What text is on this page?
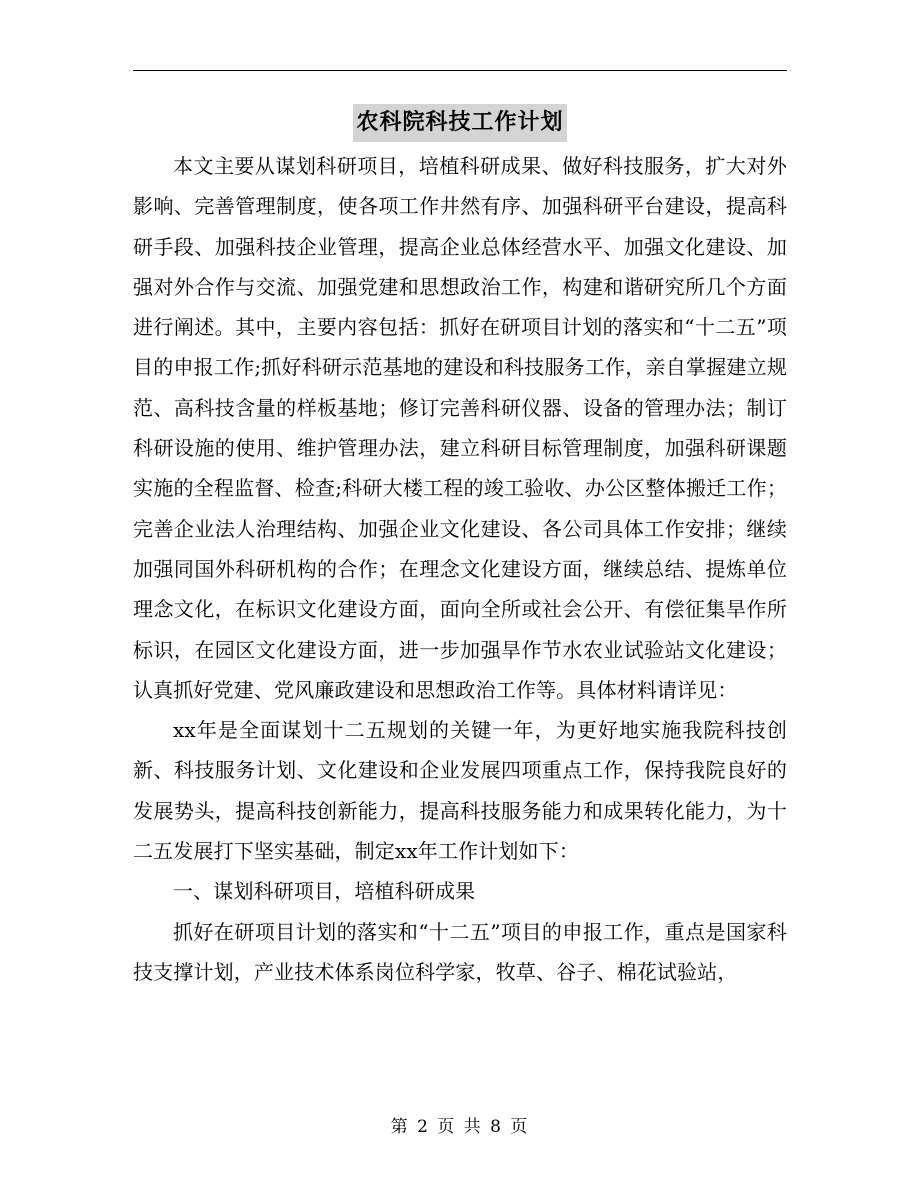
农科院科技工作计划

本文主要从谋划科研项目，培植科研成果、做好科技服务，扩大对外影响、完善管理制度，使各项工作井然有序、加强科研平台建设，提高科研手段、加强科技企业管理，提高企业总体经营水平、加强文化建设、加强对外合作与交流、加强党建和思想政治工作，构建和谐研究所几个方面进行阐述。其中，主要内容包括：抓好在研项目计划的落实和“十二五”项目的申报工作;抓好科研示范基地的建设和科技服务工作，亲自掌握建立规范、高科技含量的样板基地；修订完善科研仪器、设备的管理办法；制订科研设施的使用、维护管理办法，建立科研目标管理制度，加强科研课题实施的全程监督、检查;科研大楼工程的竣工验收、办公区整体搬迁工作；完善企业法人治理结构、加强企业文化建设、各公司具体工作安排；继续加强同国外科研机构的合作；在理念文化建设方面，继续总结、提炼单位理念文化，在标识文化建设方面，面向全所或社会公开、有偿征集旱作所标识，在园区文化建设方面，进一步加强旱作节水农业试验站文化建设；认真抓好党建、党风廉政建设和思想政治工作等。具体材料请详见：

xx年是全面谋划十二五规划的关键一年，为更好地实施我院科技创新、科技服务计划、文化建设和企业发展四项重点工作，保持我院良好的发展势头，提高科技创新能力，提高科技服务能力和成果转化能力，为十二五发展打下坚实基础，制定xx年工作计划如下：

一、谋划科研项目，培植科研成果

抓好在研项目计划的落实和“十二五”项目的申报工作，重点是国家科技支撑计划，产业技术体系岗位科学家，牧草、谷子、棉花试验站，

第 2 页 共 8 页
